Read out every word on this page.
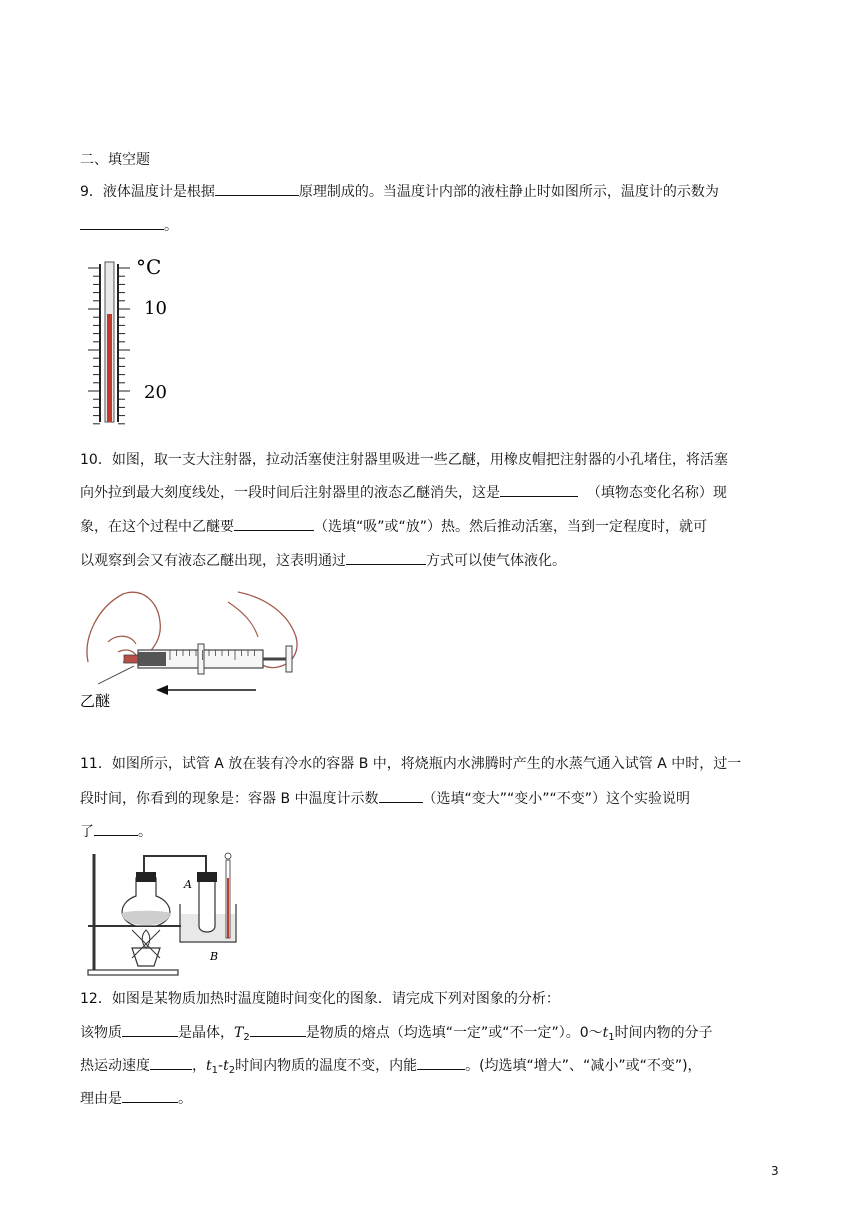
二、填空题
9．液体温度计是根据	原理制成的。当温度计内部的液柱静止时如图所示，温度计的示数为
。
°C
10
20
10．如图，取一支大注射器，拉动活塞使注射器里吸进一些乙醚，用橡皮帽把注射器的小孔堵住，将活塞
向外拉到最大刻度线处，一段时间后注射器里的液态乙醚消失，这是	（填物态变化名称）现
象，在这个过程中乙醚要	（选填“吸”或“放”）热。然后推动活塞，当到一定程度时，就可
以观察到会又有液态乙醚出现，这表明通过	方式可以使气体液化。
乙醚
11．如图所示，试管 A 放在装有冷水的容器 B 中，将烧瓶内水沸腾时产生的水蒸气通入试管 A 中时，过一
段时间，你看到的现象是：容器 B 中温度计示数	（选填“变大”“变小”“不变”）这个实验说明
了	。
A
B
12．如图是某物质加热时温度随时间变化的图象．请完成下列对图象的分析：
该物质	是晶体，$T_2$	是物质的熔点（均选填“一定”或“不一定”）。$0\sim t_1$时间内物的分子
热运动速度	，$t_1-t_2$时间内物质的温度不变，内能	。(均选填“增大”、“减小”或“不变”)，
理由是	。
3
